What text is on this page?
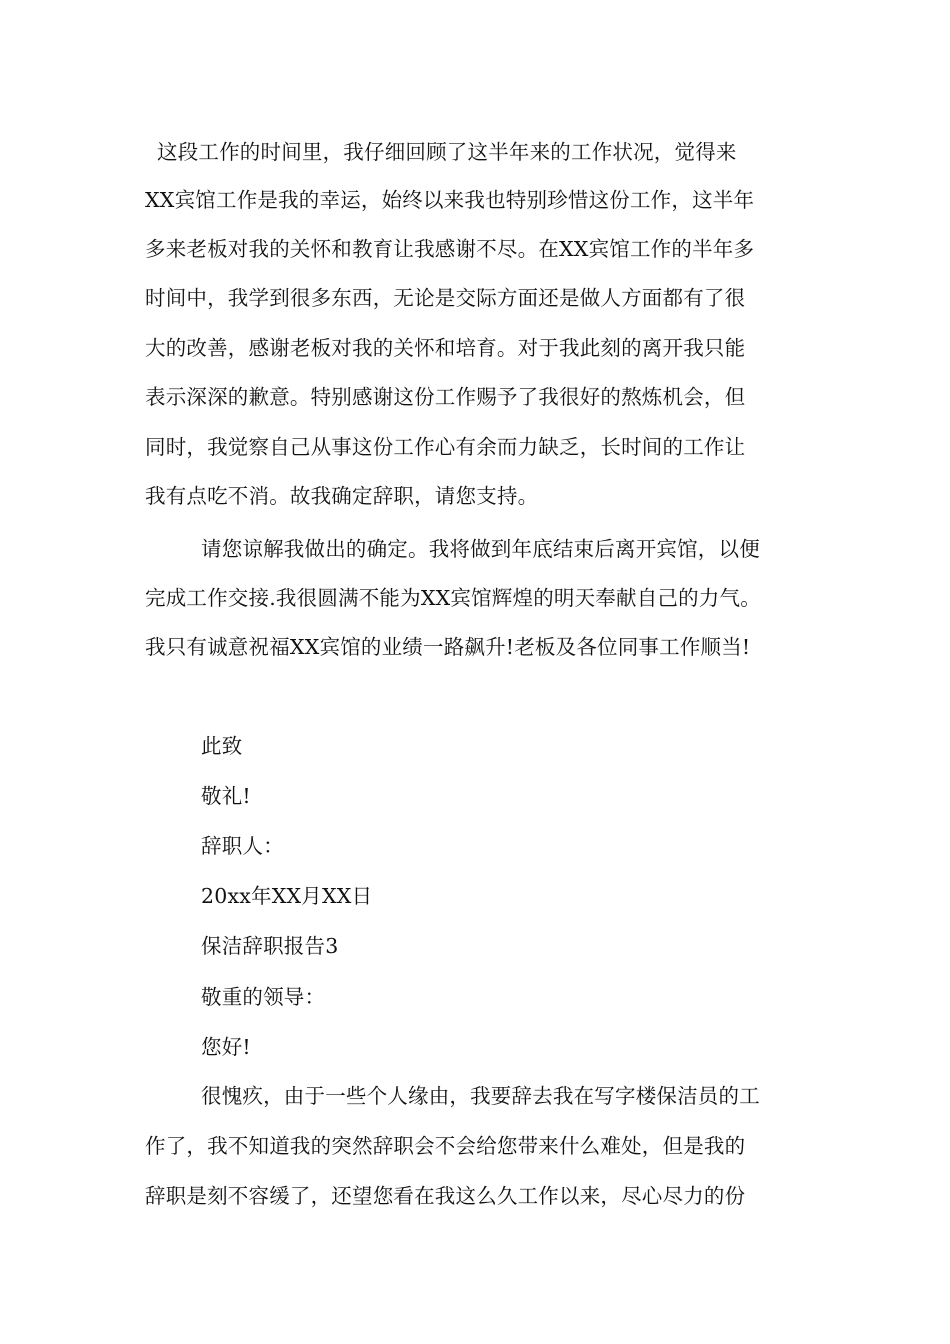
这段工作的时间里，我仔细回顾了这半年来的工作状况，觉得来
XX宾馆工作是我的幸运，始终以来我也特别珍惜这份工作，这半年
多来老板对我的关怀和教育让我感谢不尽。在XX宾馆工作的半年多
时间中，我学到很多东西，无论是交际方面还是做人方面都有了很
大的改善，感谢老板对我的关怀和培育。对于我此刻的离开我只能
表示深深的歉意。特别感谢这份工作赐予了我很好的熬炼机会，但
同时，我觉察自己从事这份工作心有余而力缺乏，长时间的工作让
我有点吃不消。故我确定辞职，请您支持。
请您谅解我做出的确定。我将做到年底结束后离开宾馆，以便
完成工作交接.我很圆满不能为XX宾馆辉煌的明天奉献自己的力气。
我只有诚意祝福XX宾馆的业绩一路飙升!老板及各位同事工作顺当!
此致
敬礼!
辞职人：
20xx年XX月XX日
保洁辞职报告3
敬重的领导：
您好!
很愧疚，由于一些个人缘由，我要辞去我在写字楼保洁员的工
作了，我不知道我的突然辞职会不会给您带来什么难处，但是我的
辞职是刻不容缓了，还望您看在我这么久工作以来，尽心尽力的份
